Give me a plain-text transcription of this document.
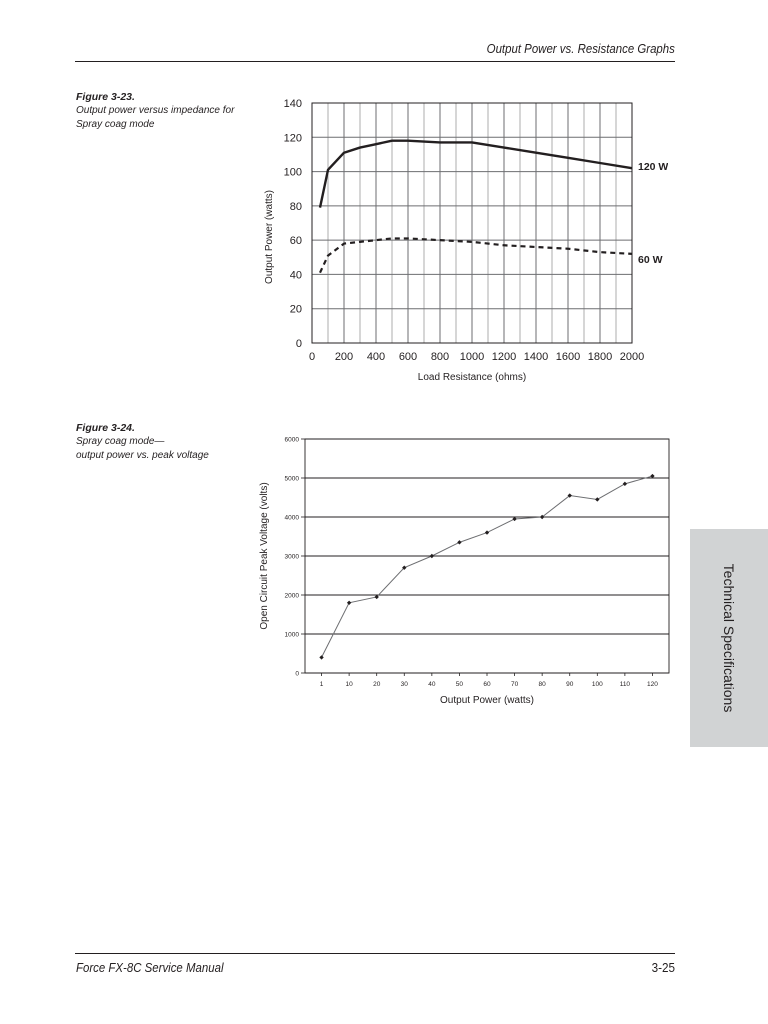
Output Power vs. Resistance Graphs
Figure 3-23.
Output power versus impedance for
Spray coag mode
Figure 3-24.
Spray coag mode—
output power vs. peak voltage
0
20
40
60
80
100
120
140
0 200 400 600 800 1000 1200 1400 1600 1800 2000
Load Resistance (ohms)
Output Power (watts)
120 W
60 W
0
1000
2000
3000
4000
5000
6000
1	10	20	30	40	50	60	70	80	90	100	110	120
Output Power (watts)
Open Circuit Peak Voltage (volts)
Technical Specifications
Force FX-8C Service Manual	3-25
